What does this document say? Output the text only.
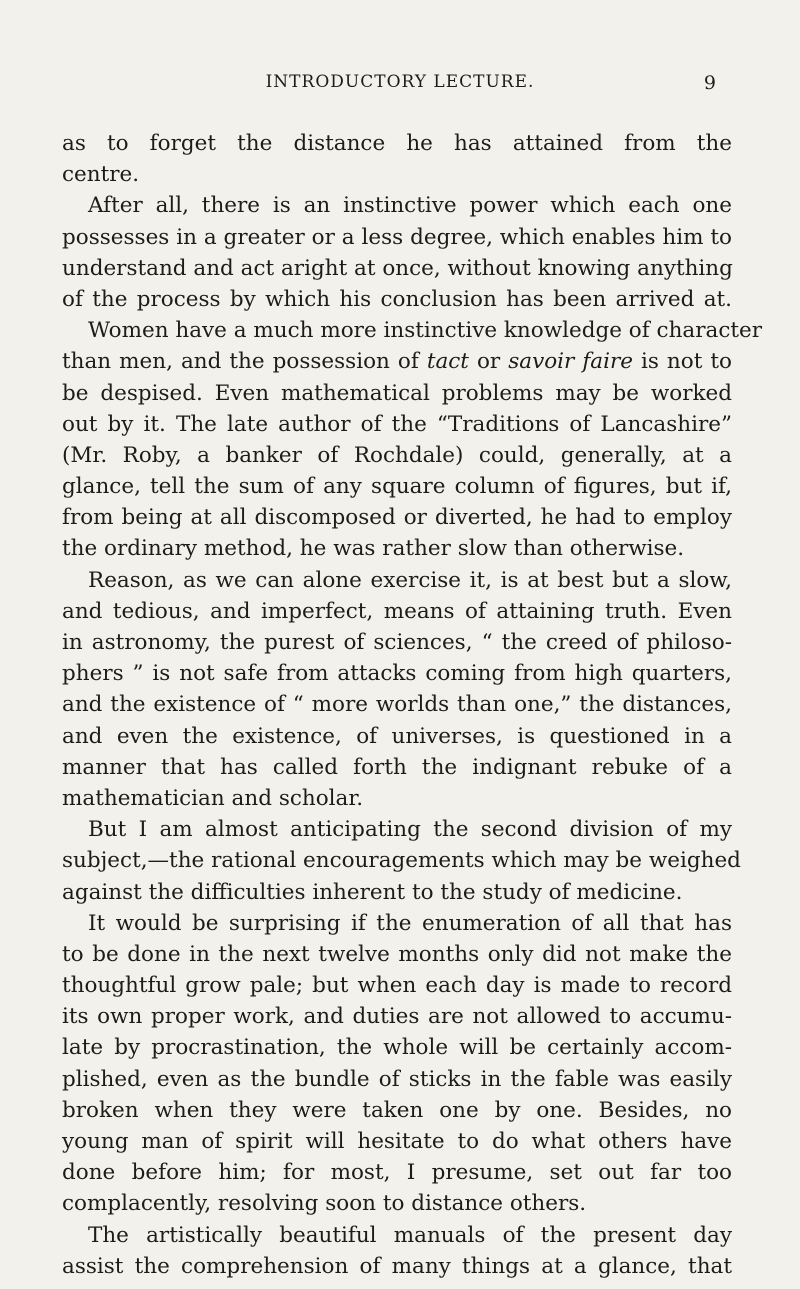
INTRODUCTORY LECTURE.	9
as to forget the distance he has attained from the
centre.
After all, there is an instinctive power which each one
possesses in a greater or a less degree, which enables him to
understand and act aright at once, without knowing anything
of the process by which his conclusion has been arrived at.
Women have a much more instinctive knowledge of character
than men, and the possession of tact or savoir faire is not to
be despised. Even mathematical problems may be worked
out by it. The late author of the “Traditions of Lancashire”
(Mr. Roby, a banker of Rochdale) could, generally, at a
glance, tell the sum of any square column of figures, but if,
from being at all discomposed or diverted, he had to employ
the ordinary method, he was rather slow than otherwise.
Reason, as we can alone exercise it, is at best but a slow,
and tedious, and imperfect, means of attaining truth. Even
in astronomy, the purest of sciences, “ the creed of philoso-
phers ” is not safe from attacks coming from high quarters,
and the existence of “ more worlds than one,” the distances,
and even the existence, of universes, is questioned in a
manner that has called forth the indignant rebuke of a
mathematician and scholar.
But I am almost anticipating the second division of my
subject,—the rational encouragements which may be weighed
against the difficulties inherent to the study of medicine.
It would be surprising if the enumeration of all that has
to be done in the next twelve months only did not make the
thoughtful grow pale; but when each day is made to record
its own proper work, and duties are not allowed to accumu-
late by procrastination, the whole will be certainly accom-
plished, even as the bundle of sticks in the fable was easily
broken when they were taken one by one. Besides, no
young man of spirit will hesitate to do what others have
done before him; for most, I presume, set out far too
complacently, resolving soon to distance others.
The artistically beautiful manuals of the present day
assist the comprehension of many things at a glance, that
